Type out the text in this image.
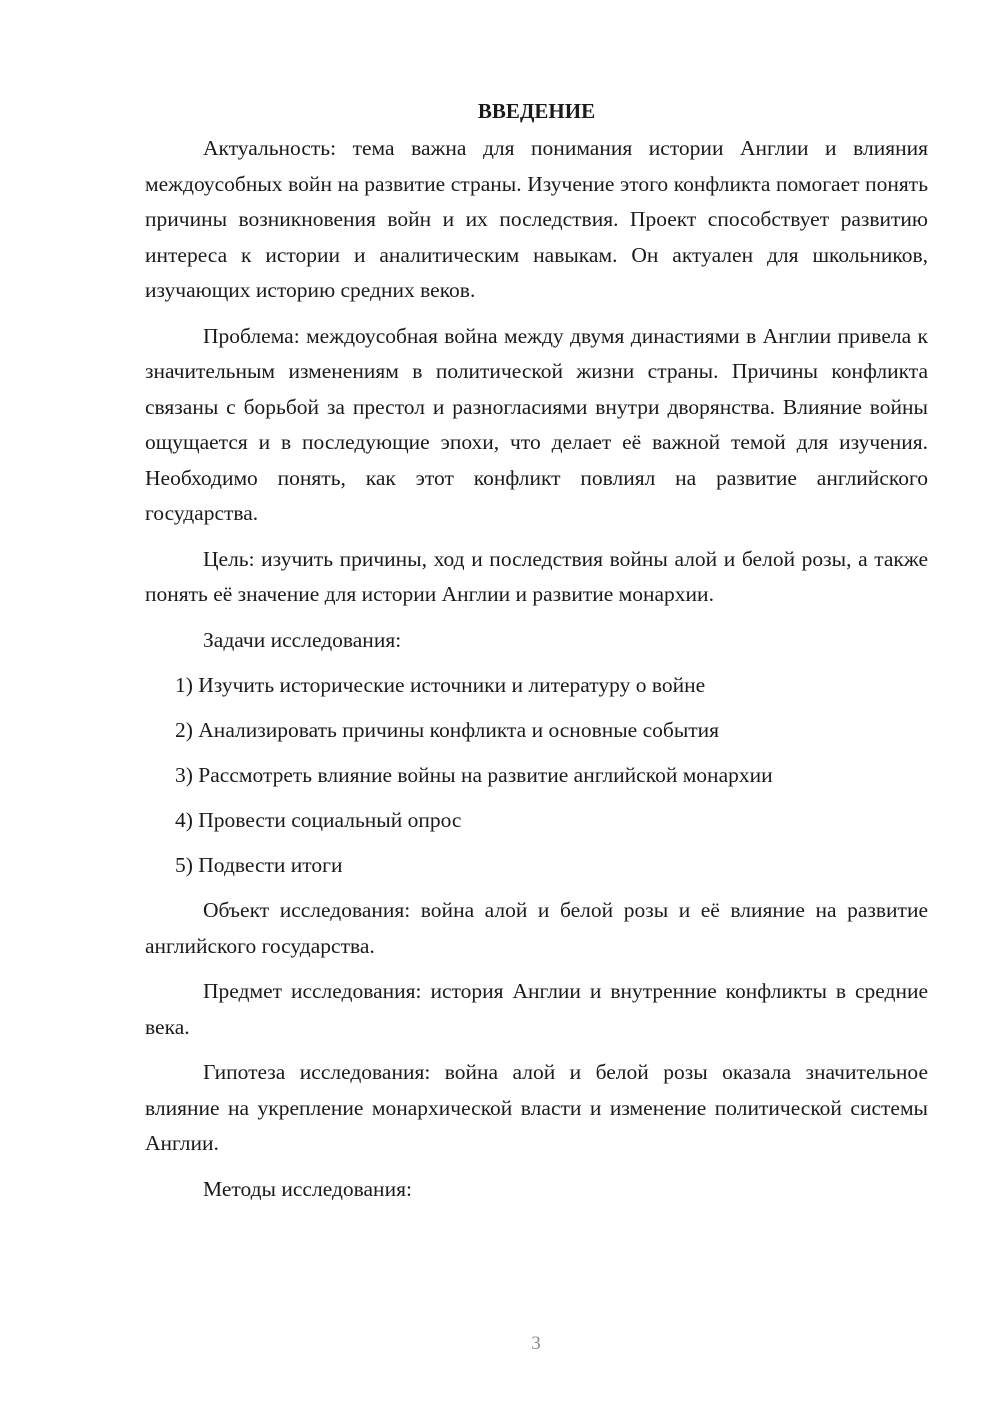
ВВЕДЕНИЕ

Актуальность: тема важна для понимания истории Англии и влияния междоусобных войн на развитие страны. Изучение этого конфликта помогает понять причины возникновения войн и их последствия. Проект способствует развитию интереса к истории и аналитическим навыкам. Он актуален для школьников, изучающих историю средних веков.

Проблема: междоусобная война между двумя династиями в Англии привела к значительным изменениям в политической жизни страны. Причины конфликта связаны с борьбой за престол и разногласиями внутри дворянства. Влияние войны ощущается и в последующие эпохи, что делает её важной темой для изучения. Необходимо понять, как этот конфликт повлиял на развитие английского государства.

Цель: изучить причины, ход и последствия войны алой и белой розы, а также понять её значение для истории Англии и развитие монархии.

Задачи исследования:

1) Изучить исторические источники и литературу о войне
2) Анализировать причины конфликта и основные события
3) Рассмотреть влияние войны на развитие английской монархии
4) Провести социальный опрос
5) Подвести итоги

Объект исследования: война алой и белой розы и её влияние на развитие английского государства.

Предмет исследования: история Англии и внутренние конфликты в средние века.

Гипотеза исследования: война алой и белой розы оказала значительное влияние на укрепление монархической власти и изменение политической системы Англии.

Методы исследования:

3
